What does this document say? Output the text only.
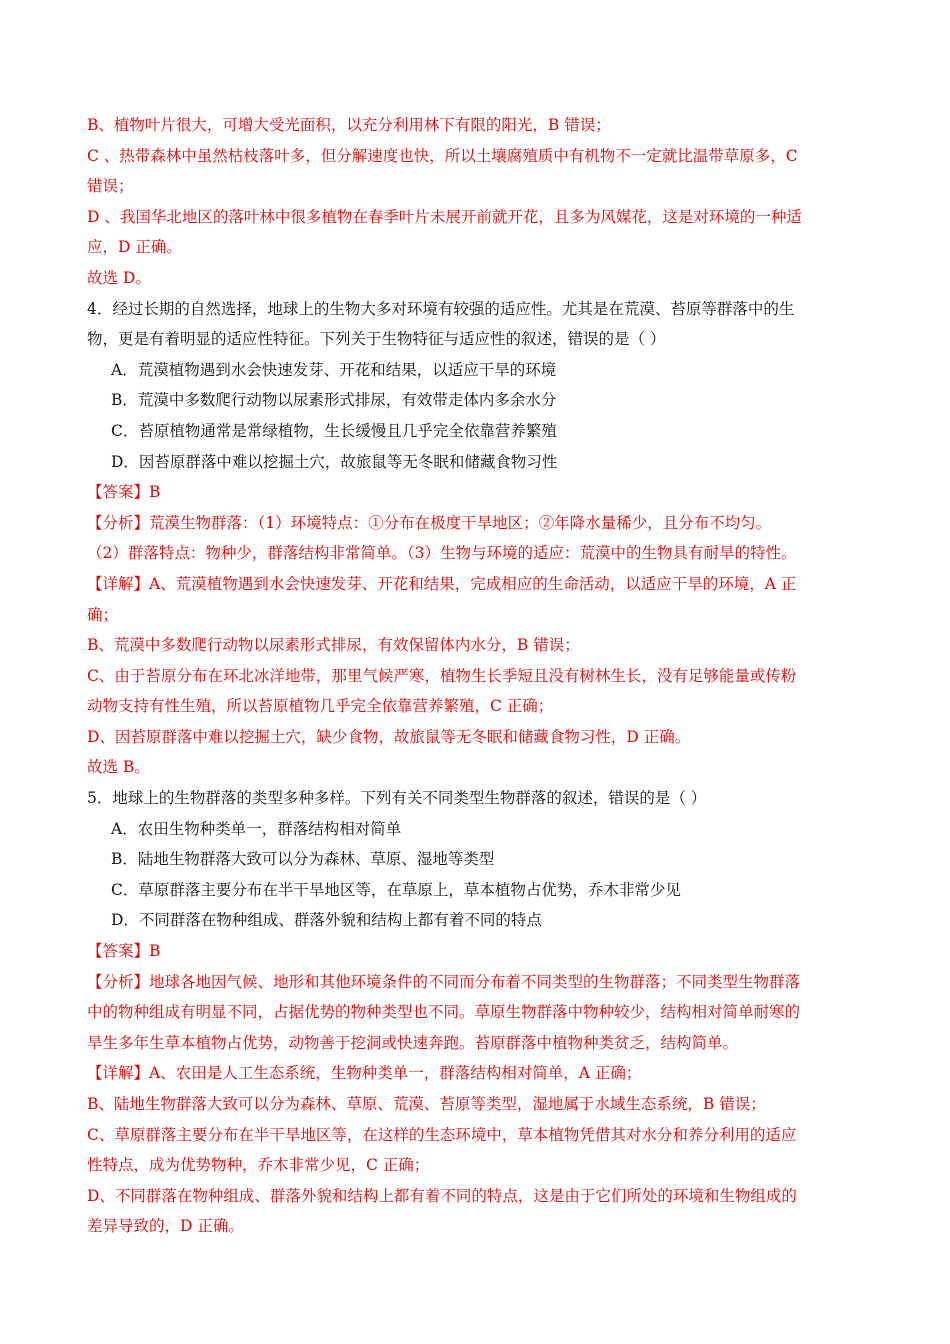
B、植物叶片很大，可增大受光面积，以充分利用林下有限的阳光，B 错误；
C 、热带森林中虽然枯枝落叶多，但分解速度也快，所以土壤腐殖质中有机物不一定就比温带草原多，C
错误；
D 、我国华北地区的落叶林中很多植物在春季叶片未展开前就开花，且多为风媒花，这是对环境的一种适
应，D 正确。
故选 D。
4．经过长期的自然选择，地球上的生物大多对环境有较强的适应性。尤其是在荒漠、苔原等群落中的生
物，更是有着明显的适应性特征。下列关于生物特征与适应性的叙述，错误的是（ ）
A．荒漠植物遇到水会快速发芽、开花和结果，以适应干旱的环境
B．荒漠中多数爬行动物以尿素形式排尿，有效带走体内多余水分
C．苔原植物通常是常绿植物，生长缓慢且几乎完全依靠营养繁殖
D．因苔原群落中难以挖掘土穴，故旅鼠等无冬眠和储藏食物习性
【答案】B
【分析】荒漠生物群落：（1）环境特点：①分布在极度干旱地区；②年降水量稀少，且分布不均匀。
（2）群落特点：物种少，群落结构非常简单。（3）生物与环境的适应：荒漠中的生物具有耐旱的特性。
【详解】A、荒漠植物遇到水会快速发芽、开花和结果，完成相应的生命活动，以适应干旱的环境，A 正
确；
B、荒漠中多数爬行动物以尿素形式排尿，有效保留体内水分，B 错误；
C、由于苔原分布在环北冰洋地带，那里气候严寒，植物生长季短且没有树林生长，没有足够能量或传粉
动物支持有性生殖，所以苔原植物几乎完全依靠营养繁殖，C 正确；
D、因苔原群落中难以挖掘土穴，缺少食物，故旅鼠等无冬眠和储藏食物习性，D 正确。
故选 B。
5．地球上的生物群落的类型多种多样。下列有关不同类型生物群落的叙述，错误的是（ ）
A．农田生物种类单一，群落结构相对简单
B．陆地生物群落大致可以分为森林、草原、湿地等类型
C．草原群落主要分布在半干旱地区等，在草原上，草本植物占优势，乔木非常少见
D．不同群落在物种组成、群落外貌和结构上都有着不同的特点
【答案】B
【分析】地球各地因气候、地形和其他环境条件的不同而分布着不同类型的生物群落；不同类型生物群落
中的物种组成有明显不同，占据优势的物种类型也不同。草原生物群落中物种较少，结构相对简单耐寒的
旱生多年生草本植物占优势，动物善于挖洞或快速奔跑。苔原群落中植物种类贫乏，结构简单。
【详解】A、农田是人工生态系统，生物种类单一，群落结构相对简单，A 正确；
B、陆地生物群落大致可以分为森林、草原、荒漠、苔原等类型，湿地属于水域生态系统，B 错误；
C、草原群落主要分布在半干旱地区等，在这样的生态环境中，草本植物凭借其对水分和养分利用的适应
性特点，成为优势物种，乔木非常少见，C 正确；
D、不同群落在物种组成、群落外貌和结构上都有着不同的特点，这是由于它们所处的环境和生物组成的
差异导致的，D 正确。
